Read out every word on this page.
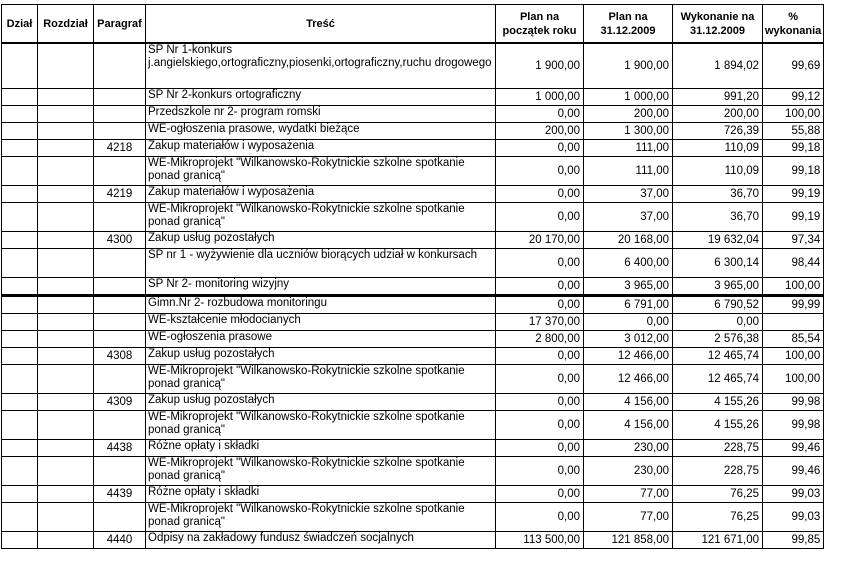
Dział	Rozdział	Paragraf	Treść	Plan na początek roku	Plan na 31.12.2009	Wykonanie na 31.12.2009	% wykonania
			SP Nr 1-konkurs j.angielskiego,ortograficzny,piosenki,ortograficzny,ruchu drogowego	1 900,00	1 900,00	1 894,02	99,69
			SP Nr 2-konkurs ortograficzny	1 000,00	1 000,00	991,20	99,12
			Przedszkole nr 2- program romski	0,00	200,00	200,00	100,00
			WE-ogłoszenia prasowe, wydatki bieżące	200,00	1 300,00	726,39	55,88
		4218	Zakup materiałów i wyposażenia	0,00	111,00	110,09	99,18
			WE-Mikroprojekt "Wilkanowsko-Rokytnickie szkolne spotkanie ponad granicą"	0,00	111,00	110,09	99,18
		4219	Zakup materiałów i wyposażenia	0,00	37,00	36,70	99,19
			WE-Mikroprojekt "Wilkanowsko-Rokytnickie szkolne spotkanie ponad granicą"	0,00	37,00	36,70	99,19
		4300	Zakup usług pozostałych	20 170,00	20 168,00	19 632,04	97,34
			SP nr 1 - wyżywienie dla uczniów biorących udział w konkursach	0,00	6 400,00	6 300,14	98,44
			SP Nr 2- monitoring wizyjny	0,00	3 965,00	3 965,00	100,00
			Gimn.Nr 2- rozbudowa monitoringu	0,00	6 791,00	6 790,52	99,99
			WE-kształcenie młodocianych	17 370,00	0,00	0,00	
			WE-ogłoszenia prasowe	2 800,00	3 012,00	2 576,38	85,54
		4308	Zakup usług pozostałych	0,00	12 466,00	12 465,74	100,00
			WE-Mikroprojekt "Wilkanowsko-Rokytnickie szkolne spotkanie ponad granicą"	0,00	12 466,00	12 465,74	100,00
		4309	Zakup usług pozostałych	0,00	4 156,00	4 155,26	99,98
			WE-Mikroprojekt "Wilkanowsko-Rokytnickie szkolne spotkanie ponad granicą"	0,00	4 156,00	4 155,26	99,98
		4438	Różne opłaty i składki	0,00	230,00	228,75	99,46
			WE-Mikroprojekt "Wilkanowsko-Rokytnickie szkolne spotkanie ponad granicą"	0,00	230,00	228,75	99,46
		4439	Różne opłaty i składki	0,00	77,00	76,25	99,03
			WE-Mikroprojekt "Wilkanowsko-Rokytnickie szkolne spotkanie ponad granicą"	0,00	77,00	76,25	99,03
		4440	Odpisy na zakładowy fundusz świadczeń socjalnych	113 500,00	121 858,00	121 671,00	99,85
